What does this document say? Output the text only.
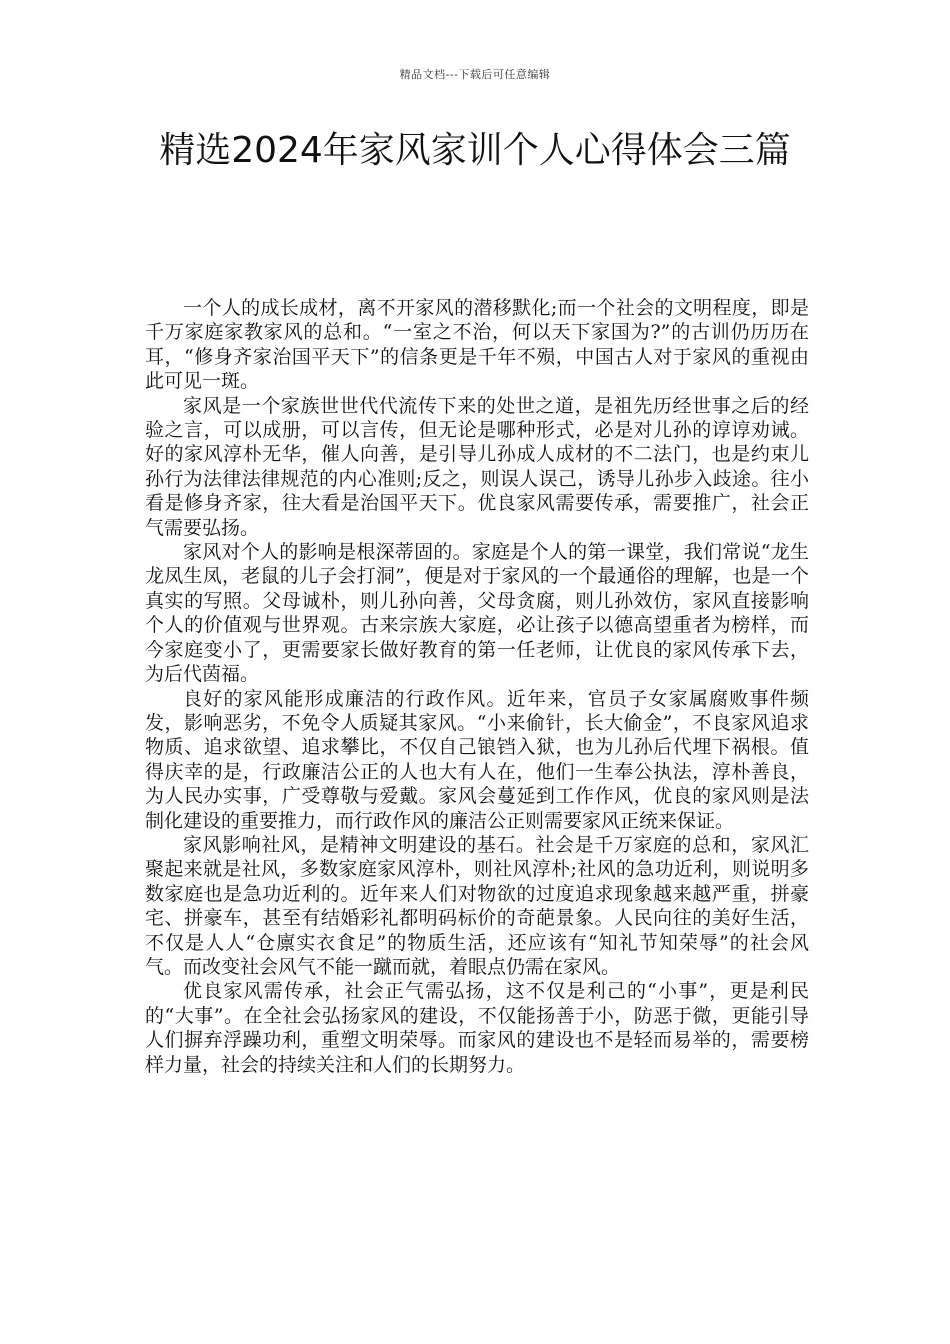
精品文档---下载后可任意编辑
精选2024年家风家训个人心得体会三篇

一个人的成长成材，离不开家风的潜移默化;而一个社会的文明程度，即是千万家庭家教家风的总和。“一室之不治，何以天下家国为?”的古训仍历历在耳，“修身齐家治国平天下”的信条更是千年不殒，中国古人对于家风的重视由此可见一斑。

家风是一个家族世世代代流传下来的处世之道，是祖先历经世事之后的经验之言，可以成册，可以言传，但无论是哪种形式，必是对儿孙的谆谆劝诫。好的家风淳朴无华，催人向善，是引导儿孙成人成材的不二法门，也是约束儿孙行为法律法律规范的内心准则;反之，则误人误己，诱导儿孙步入歧途。往小看是修身齐家，往大看是治国平天下。优良家风需要传承，需要推广，社会正气需要弘扬。

家风对个人的影响是根深蒂固的。家庭是个人的第一课堂，我们常说“龙生龙凤生凤，老鼠的儿子会打洞”，便是对于家风的一个最通俗的理解，也是一个真实的写照。父母诚朴，则儿孙向善，父母贪腐，则儿孙效仿，家风直接影响个人的价值观与世界观。古来宗族大家庭，必让孩子以德高望重者为榜样，而今家庭变小了，更需要家长做好教育的第一任老师，让优良的家风传承下去，为后代茵福。

良好的家风能形成廉洁的行政作风。近年来，官员子女家属腐败事件频发，影响恶劣，不免令人质疑其家风。“小来偷针，长大偷金”，不良家风追求物质、追求欲望、追求攀比，不仅自己锒铛入狱，也为儿孙后代埋下祸根。值得庆幸的是，行政廉洁公正的人也大有人在，他们一生奉公执法，淳朴善良，为人民办实事，广受尊敬与爱戴。家风会蔓延到工作作风，优良的家风则是法制化建设的重要推力，而行政作风的廉洁公正则需要家风正统来保证。

家风影响社风，是精神文明建设的基石。社会是千万家庭的总和，家风汇聚起来就是社风，多数家庭家风淳朴，则社风淳朴;社风的急功近利，则说明多数家庭也是急功近利的。近年来人们对物欲的过度追求现象越来越严重，拼豪宅、拼豪车，甚至有结婚彩礼都明码标价的奇葩景象。人民向往的美好生活，不仅是人人“仓廪实衣食足”的物质生活，还应该有“知礼节知荣辱”的社会风气。而改变社会风气不能一蹴而就，着眼点仍需在家风。

优良家风需传承，社会正气需弘扬，这不仅是利己的“小事”，更是利民的“大事”。在全社会弘扬家风的建设，不仅能扬善于小，防恶于微，更能引导人们摒弃浮躁功利，重塑文明荣辱。而家风的建设也不是轻而易举的，需要榜样力量，社会的持续关注和人们的长期努力。
